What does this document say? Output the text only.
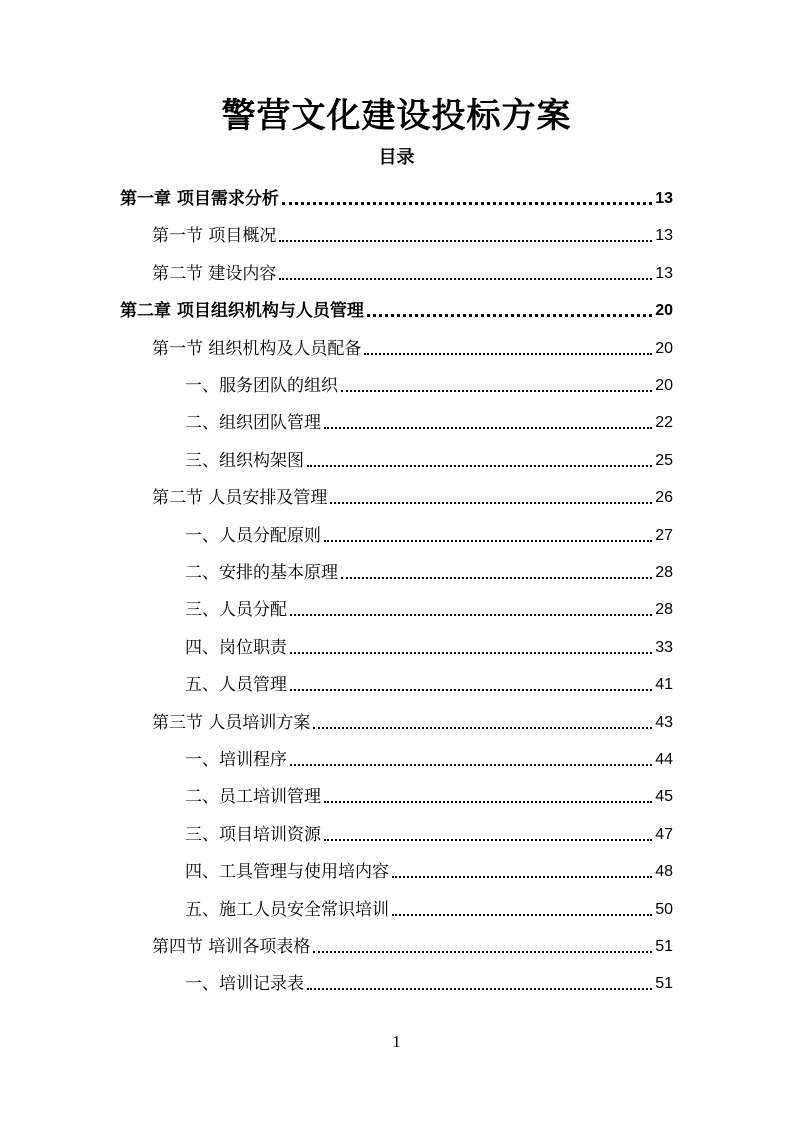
警营文化建设投标方案
目录
第一章 项目需求分析	13
第一节 项目概况	13
第二节 建设内容	13
第二章 项目组织机构与人员管理	20
第一节 组织机构及人员配备	20
一、服务团队的组织	20
二、组织团队管理	22
三、组织构架图	25
第二节 人员安排及管理	26
一、人员分配原则	27
二、安排的基本原理	28
三、人员分配	28
四、岗位职责	33
五、人员管理	41
第三节 人员培训方案	43
一、培训程序	44
二、员工培训管理	45
三、项目培训资源	47
四、工具管理与使用培内容	48
五、施工人员安全常识培训	50
第四节 培训各项表格	51
一、培训记录表	51
1
